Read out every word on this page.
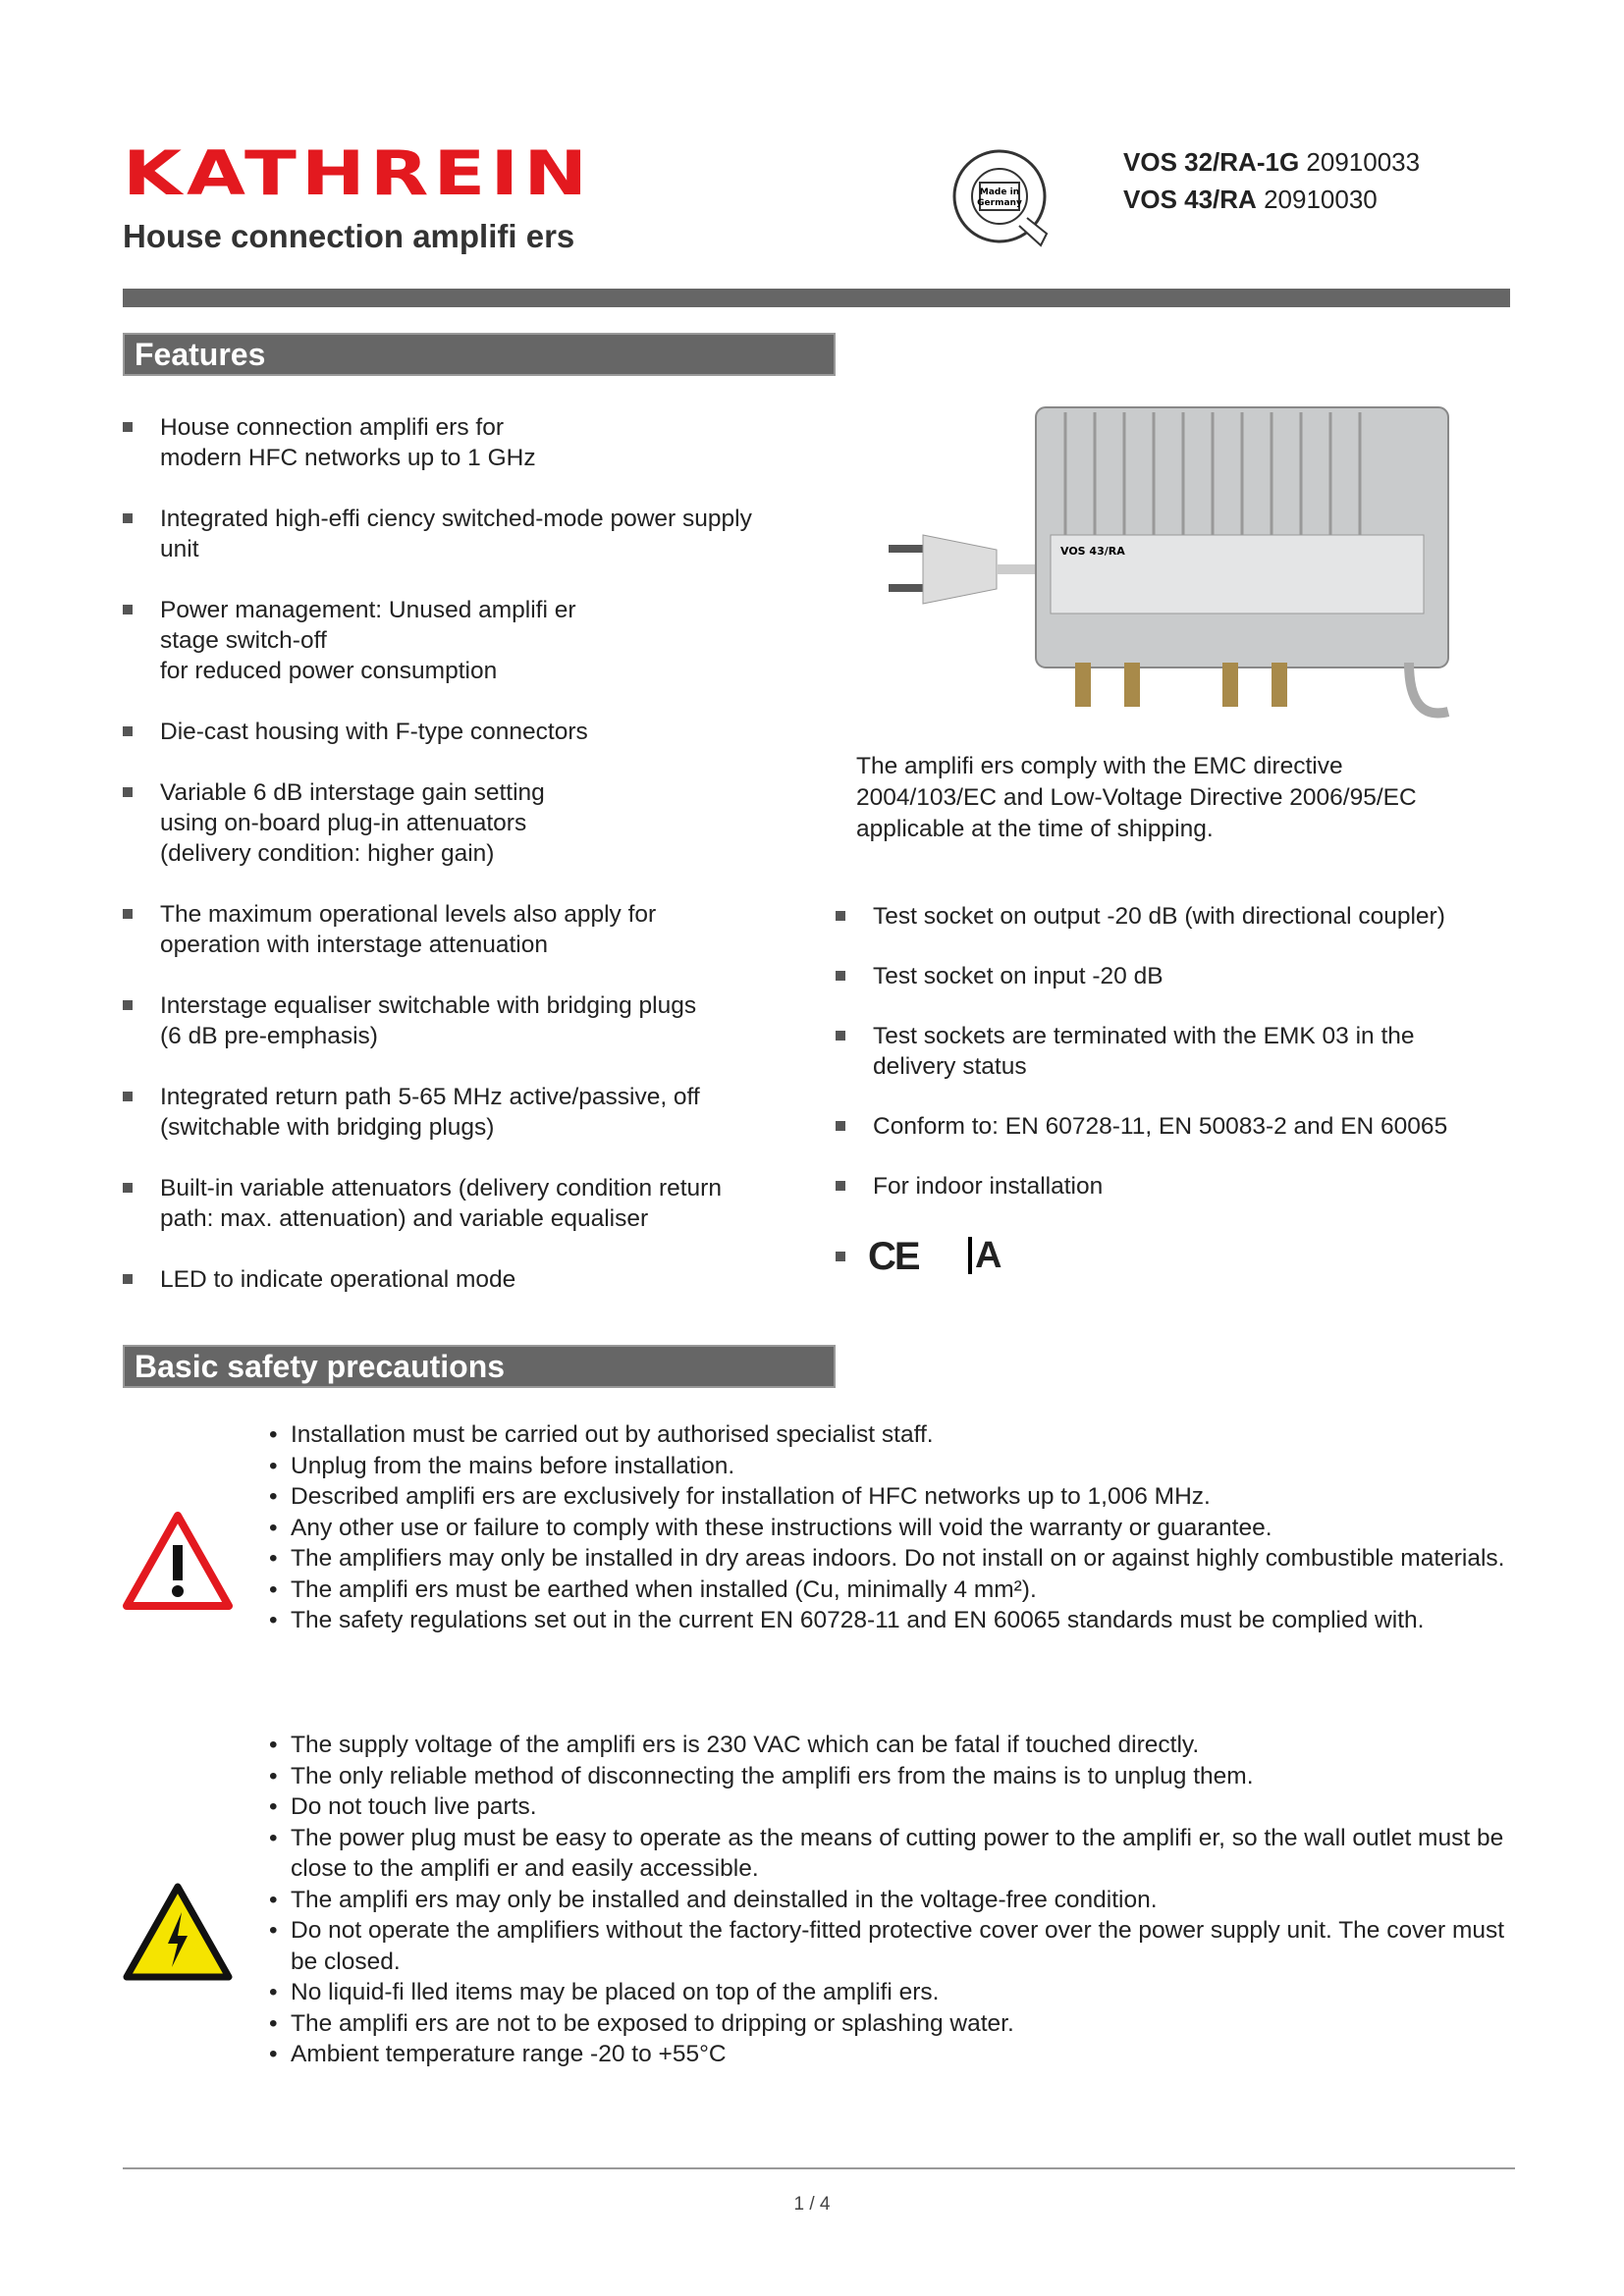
KATHREIN
House connection amplifi ers
Made in
Germany
VOS 32/RA-1G 20910033
VOS 43/RA 20910030
Features
House connection amplifi ers for
modern HFC networks up to 1 GHz
Integrated high-effi ciency switched-mode power supply
unit
Power management: Unused amplifi er
stage switch-off
for reduced power consumption
Die-cast housing with F-type connectors
Variable 6 dB interstage gain setting
using on-board plug-in attenuators
(delivery condition: higher gain)
The maximum operational levels also apply for
operation with interstage attenuation
Interstage equaliser switchable with bridging plugs
(6 dB pre-emphasis)
Integrated return path 5-65 MHz active/passive, off
(switchable with bridging plugs)
Built-in variable attenuators (delivery condition return
path: max. attenuation) and variable equaliser
LED to indicate operational mode
VOS 43/RA
The amplifi ers comply with the EMC directive
2004/103/EC and Low-Voltage Directive 2006/95/EC
applicable at the time of shipping.
Test socket on output -20 dB (with directional coupler)
Test socket on input -20 dB
Test sockets are terminated with the EMK 03 in the
delivery status
Conform to: EN 60728-11, EN 50083-2 and EN 60065
For indoor installation
CE A
Basic safety precautions
• Installation must be carried out by authorised specialist staff.
• Unplug from the mains before installation.
• Described amplifi ers are exclusively for installation of HFC networks up to 1,006 MHz.
• Any other use or failure to comply with these instructions will void the warranty or guarantee.
• The amplifiers may only be installed in dry areas indoors. Do not install on or against highly combustible materials.
• The amplifi ers must be earthed when installed (Cu, minimally 4 mm²).
• The safety regulations set out in the current EN 60728-11 and EN 60065 standards must be complied with.
• The supply voltage of the amplifi ers is 230 VAC which can be fatal if touched directly.
• The only reliable method of disconnecting the amplifi ers from the mains is to unplug them.
• Do not touch live parts.
• The power plug must be easy to operate as the means of cutting power to the amplifi er, so the wall outlet must be close to the amplifi er and easily accessible.
• The amplifi ers may only be installed and deinstalled in the voltage-free condition.
• Do not operate the amplifiers without the factory-fitted protective cover over the power supply unit. The cover must be closed.
• No liquid-fi lled items may be placed on top of the amplifi ers.
• The amplifi ers are not to be exposed to dripping or splashing water.
• Ambient temperature range -20 to +55°C
1 / 4
